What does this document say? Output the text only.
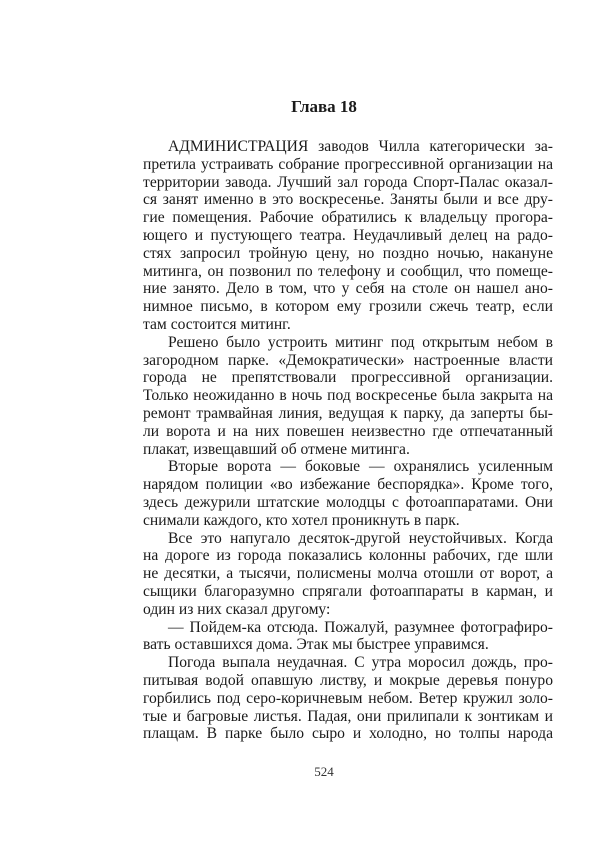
Глава 18
АДМИНИСТРАЦИЯ заводов Чилла категорически за-
претила устраивать собрание прогрессивной организации на
территории завода. Лучший зал города Спорт-Палас оказал-
ся занят именно в это воскресенье. Заняты были и все дру-
гие помещения. Рабочие обратились к владельцу прогора-
ющего и пустующего театра. Неудачливый делец на радо-
стях запросил тройную цену, но поздно ночью, накануне
митинга, он позвонил по телефону и сообщил, что помеще-
ние занято. Дело в том, что у себя на столе он нашел ано-
нимное письмо, в котором ему грозили сжечь театр, если
там состоится митинг.
Решено было устроить митинг под открытым небом в
загородном парке. «Демократически» настроенные власти
города не препятствовали прогрессивной организации.
Только неожиданно в ночь под воскресенье была закрыта на
ремонт трамвайная линия, ведущая к парку, да заперты бы-
ли ворота и на них повешен неизвестно где отпечатанный
плакат, извещавший об отмене митинга.
Вторые ворота — боковые — охранялись усиленным
нарядом полиции «во избежание беспорядка». Кроме того,
здесь дежурили штатские молодцы с фотоаппаратами. Они
снимали каждого, кто хотел проникнуть в парк.
Все это напугало десяток-другой неустойчивых. Когда
на дороге из города показались колонны рабочих, где шли
не десятки, а тысячи, полисмены молча отошли от ворот, а
сыщики благоразумно спрягали фотоаппараты в карман, и
один из них сказал другому:
— Пойдем-ка отсюда. Пожалуй, разумнее фотографиро-
вать оставшихся дома. Этак мы быстрее управимся.
Погода выпала неудачная. С утра моросил дождь, про-
питывая водой опавшую листву, и мокрые деревья понуро
горбились под серо-коричневым небом. Ветер кружил золо-
тые и багровые листья. Падая, они прилипали к зонтикам и
плащам. В парке было сыро и холодно, но толпы народа
524
